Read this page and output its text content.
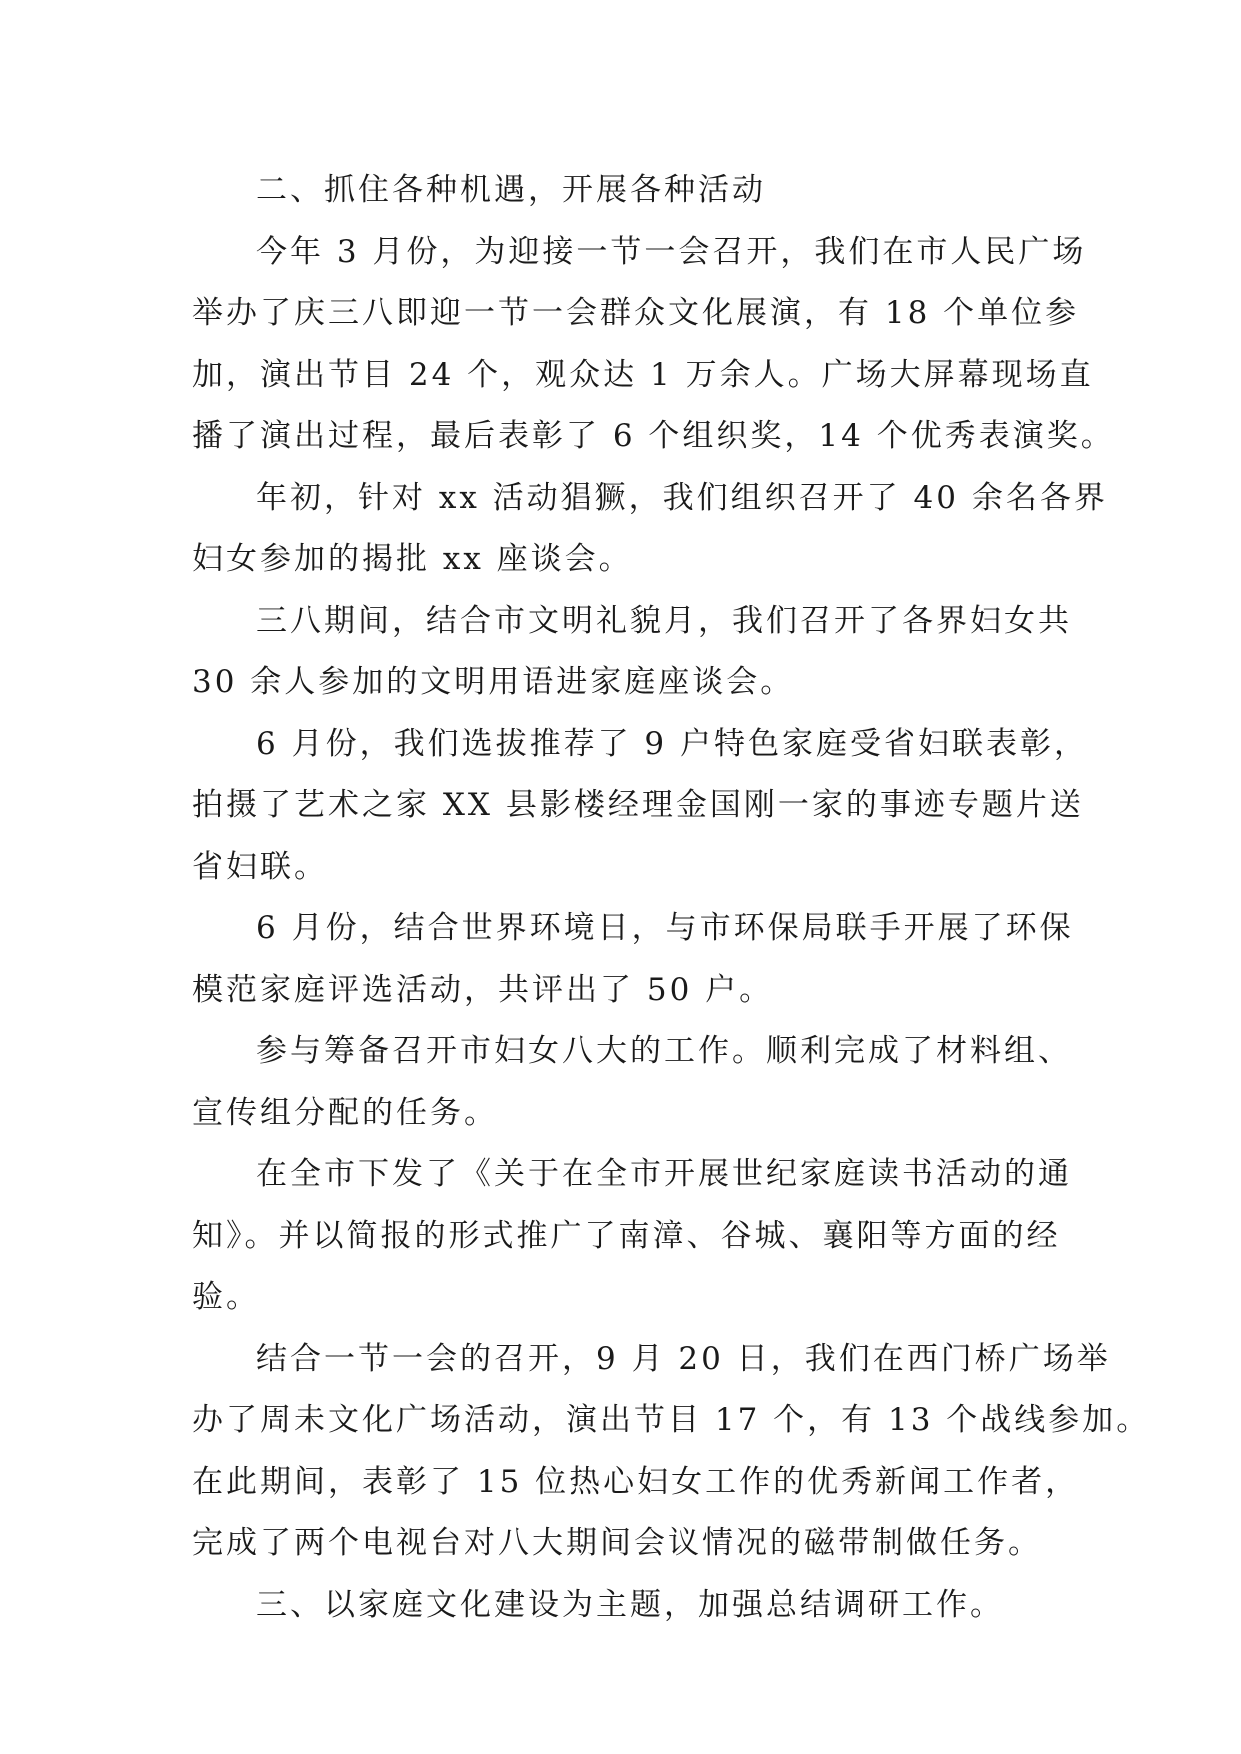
二、抓住各种机遇，开展各种活动

今年 3 月份，为迎接一节一会召开，我们在市人民广场
举办了庆三八即迎一节一会群众文化展演，有 18 个单位参
加，演出节目 24 个，观众达 1 万余人。广场大屏幕现场直
播了演出过程，最后表彰了 6 个组织奖，14 个优秀表演奖。

年初，针对 xx 活动猖獗，我们组织召开了 40 余名各界
妇女参加的揭批 xx 座谈会。

三八期间，结合市文明礼貌月，我们召开了各界妇女共
30 余人参加的文明用语进家庭座谈会。

6 月份，我们选拔推荐了 9 户特色家庭受省妇联表彰，
拍摄了艺术之家 XX 县影楼经理金国刚一家的事迹专题片送
省妇联。

6 月份，结合世界环境日，与市环保局联手开展了环保
模范家庭评选活动，共评出了 50 户。

参与筹备召开市妇女八大的工作。顺利完成了材料组、
宣传组分配的任务。

在全市下发了《关于在全市开展世纪家庭读书活动的通
知》。并以简报的形式推广了南漳、谷城、襄阳等方面的经
验。

结合一节一会的召开，9 月 20 日，我们在西门桥广场举
办了周未文化广场活动，演出节目 17 个，有 13 个战线参加。
在此期间，表彰了 15 位热心妇女工作的优秀新闻工作者，
完成了两个电视台对八大期间会议情况的磁带制做任务。

三、以家庭文化建设为主题，加强总结调研工作。
